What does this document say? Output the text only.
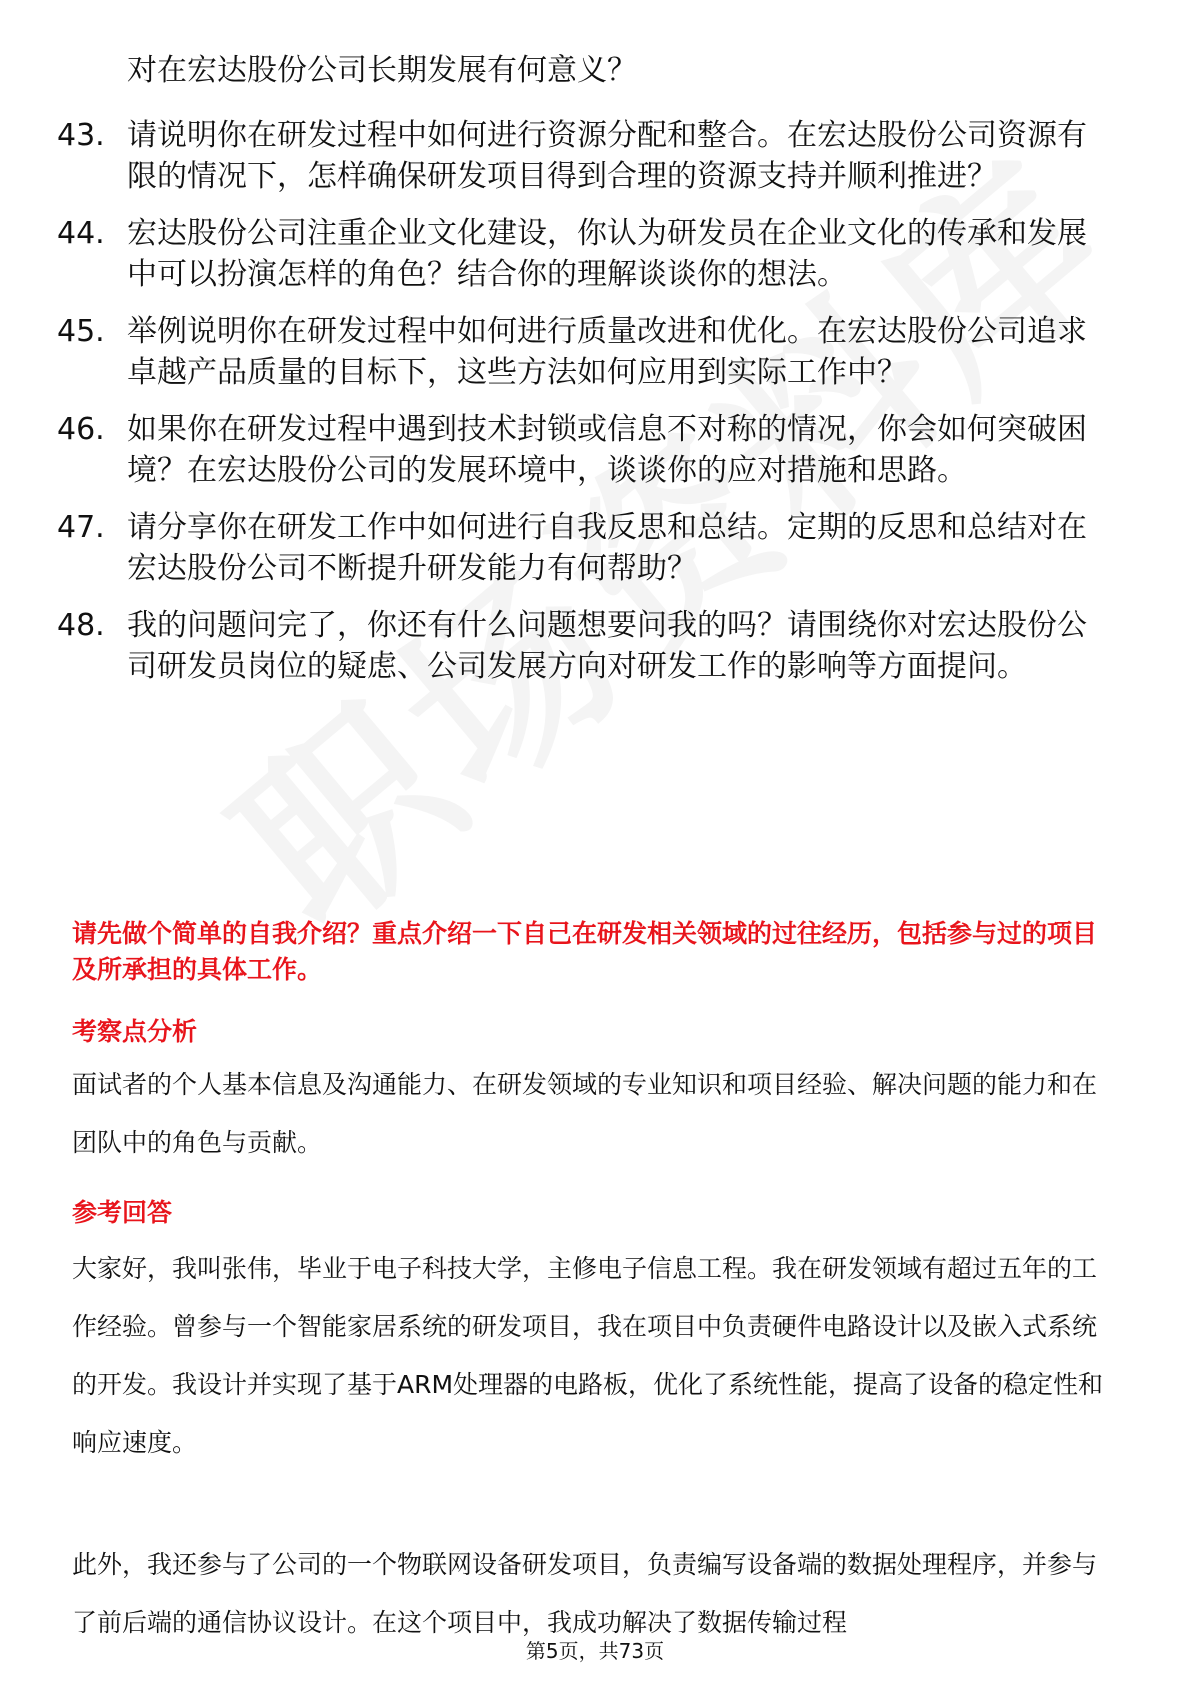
对在宏达股份公司长期发展有何意义？
43. 请说明你在研发过程中如何进行资源分配和整合。在宏达股份公司资源有限的情况下，怎样确保研发项目得到合理的资源支持并顺利推进？
44. 宏达股份公司注重企业文化建设，你认为研发员在企业文化的传承和发展中可以扮演怎样的角色？结合你的理解谈谈你的想法。
45. 举例说明你在研发过程中如何进行质量改进和优化。在宏达股份公司追求卓越产品质量的目标下，这些方法如何应用到实际工作中？
46. 如果你在研发过程中遇到技术封锁或信息不对称的情况，你会如何突破困境？在宏达股份公司的发展环境中，谈谈你的应对措施和思路。
47. 请分享你在研发工作中如何进行自我反思和总结。定期的反思和总结对在宏达股份公司不断提升研发能力有何帮助？
48. 我的问题问完了，你还有什么问题想要问我的吗？请围绕你对宏达股份公司研发员岗位的疑虑、公司发展方向对研发工作的影响等方面提问。
请先做个简单的自我介绍？重点介绍一下自己在研发相关领域的过往经历，包括参与过的项目及所承担的具体工作。
考察点分析
面试者的个人基本信息及沟通能力、在研发领域的专业知识和项目经验、解决问题的能力和在团队中的角色与贡献。
参考回答
大家好，我叫张伟，毕业于电子科技大学，主修电子信息工程。我在研发领域有超过五年的工作经验。曾参与一个智能家居系统的研发项目，我在项目中负责硬件电路设计以及嵌入式系统的开发。我设计并实现了基于ARM处理器的电路板，优化了系统性能，提高了设备的稳定性和响应速度。
此外，我还参与了公司的一个物联网设备研发项目，负责编写设备端的数据处理程序，并参与了前后端的通信协议设计。在这个项目中，我成功解决了数据传输过程
第5页，共73页
